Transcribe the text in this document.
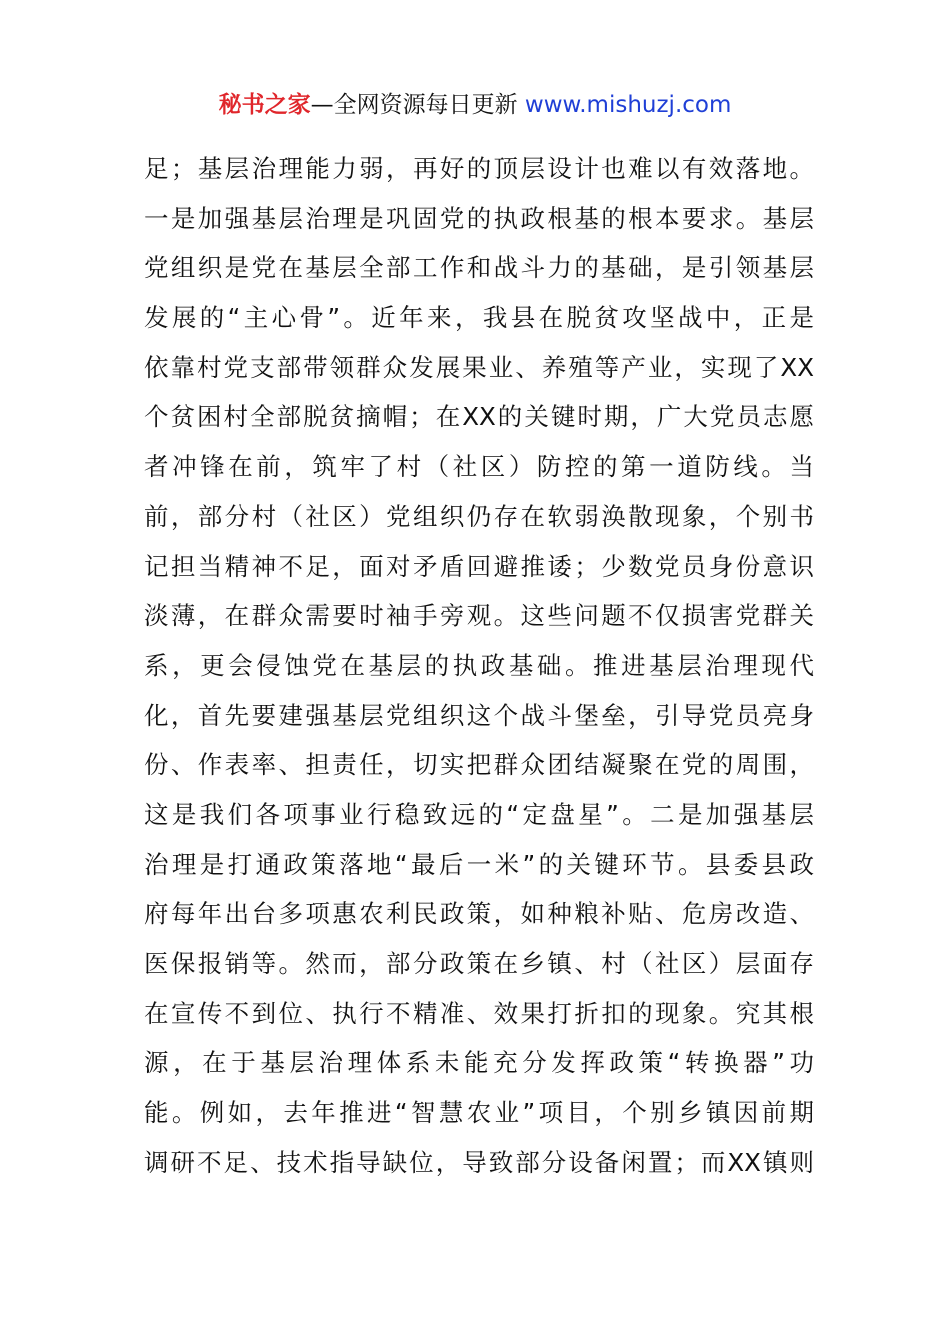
秘书之家—全网资源每日更新 www.mishuzj.com
足；基层治理能力弱，再好的顶层设计也难以有效落地。
一是加强基层治理是巩固党的执政根基的根本要求。基层
党组织是党在基层全部工作和战斗力的基础，是引领基层
发展的“主心骨”。近年来，我县在脱贫攻坚战中，正是
依靠村党支部带领群众发展果业、养殖等产业，实现了XX
个贫困村全部脱贫摘帽；在XX的关键时期，广大党员志愿
者冲锋在前，筑牢了村（社区）防控的第一道防线。当
前，部分村（社区）党组织仍存在软弱涣散现象，个别书
记担当精神不足，面对矛盾回避推诿；少数党员身份意识
淡薄，在群众需要时袖手旁观。这些问题不仅损害党群关
系，更会侵蚀党在基层的执政基础。推进基层治理现代
化，首先要建强基层党组织这个战斗堡垒，引导党员亮身
份、作表率、担责任，切实把群众团结凝聚在党的周围，
这是我们各项事业行稳致远的“定盘星”。二是加强基层
治理是打通政策落地“最后一米”的关键环节。县委县政
府每年出台多项惠农利民政策，如种粮补贴、危房改造、
医保报销等。然而，部分政策在乡镇、村（社区）层面存
在宣传不到位、执行不精准、效果打折扣的现象。究其根
源，在于基层治理体系未能充分发挥政策“转换器”功
能。例如，去年推进“智慧农业”项目，个别乡镇因前期
调研不足、技术指导缺位，导致部分设备闲置；而XX镇则
